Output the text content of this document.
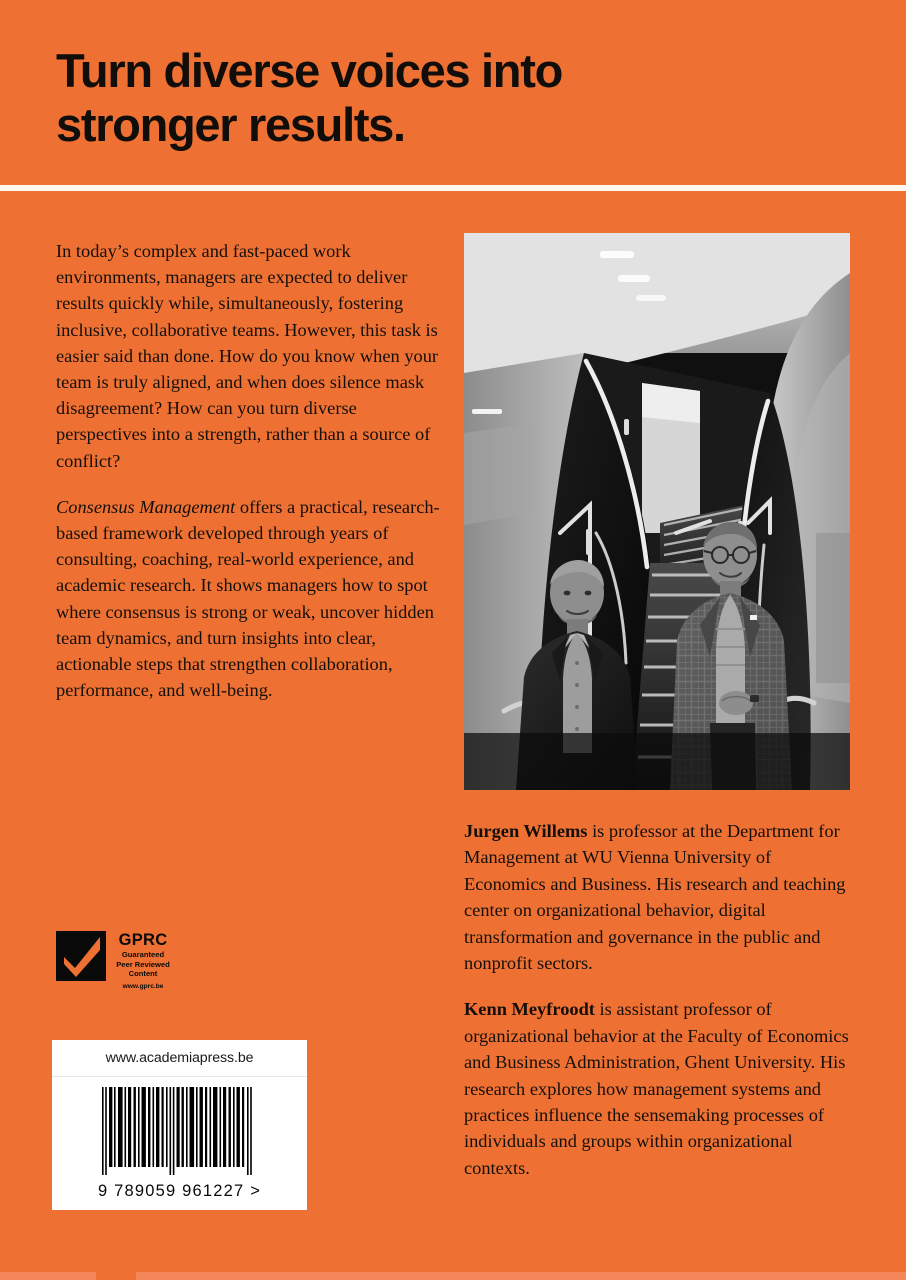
Turn diverse voices into
stronger results.

In today’s complex and fast-paced work environments, managers are expected to deliver results quickly while, simultaneously, fostering inclusive, collaborative teams. However, this task is easier said than done. How do you know when your team is truly aligned, and when does silence mask disagreement? How can you turn diverse perspectives into a strength, rather than a source of conflict?

Consensus Management offers a practical, research-based framework developed through years of consulting, coaching, real-world experience, and academic research. It shows managers how to spot where consensus is strong or weak, uncover hidden team dynamics, and turn insights into clear, actionable steps that strengthen collaboration, performance, and well-being.

Jurgen Willems is professor at the Department for Management at WU Vienna University of Economics and Business. His research and teaching center on organizational behavior, digital transformation and governance in the public and nonprofit sectors.

Kenn Meyfroodt is assistant professor of organizational behavior at the Faculty of Economics and Business Administration, Ghent University. His research explores how management systems and practices influence the sensemaking processes of individuals and groups within organizational contexts.

GPRC
Guaranteed
Peer Reviewed
Content
www.gprc.be
www.academiapress.be
9 789059 961227 >
